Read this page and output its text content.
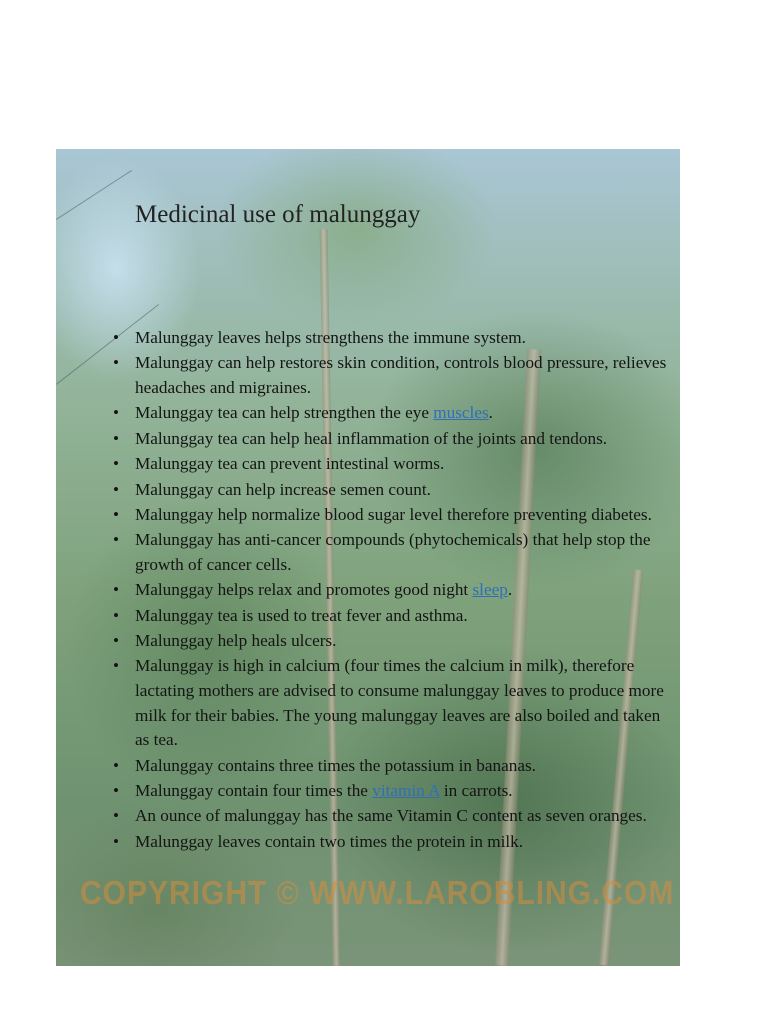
COPYRIGHT © WWW.LAROBLING.COM
Medicinal use of malunggay
• Malunggay leaves helps strengthens the immune system.
• Malunggay can help restores skin condition, controls blood pressure, relieves headaches and migraines.
• Malunggay tea can help strengthen the eye muscles.
• Malunggay tea can help heal inflammation of the joints and tendons.
• Malunggay tea can prevent intestinal worms.
• Malunggay can help increase semen count.
• Malunggay help normalize blood sugar level therefore preventing diabetes.
• Malunggay has anti-cancer compounds (phytochemicals) that help stop the growth of cancer cells.
• Malunggay helps relax and promotes good night sleep.
• Malunggay tea is used to treat fever and asthma.
• Malunggay help heals ulcers.
• Malunggay is high in calcium (four times the calcium in milk), therefore lactating mothers are advised to consume malunggay leaves to produce more milk for their babies. The young malunggay leaves are also boiled and taken as tea.
• Malunggay contains three times the potassium in bananas.
• Malunggay contain four times the vitamin A in carrots.
• An ounce of malunggay has the same Vitamin C content as seven oranges.
• Malunggay leaves contain two times the protein in milk.
